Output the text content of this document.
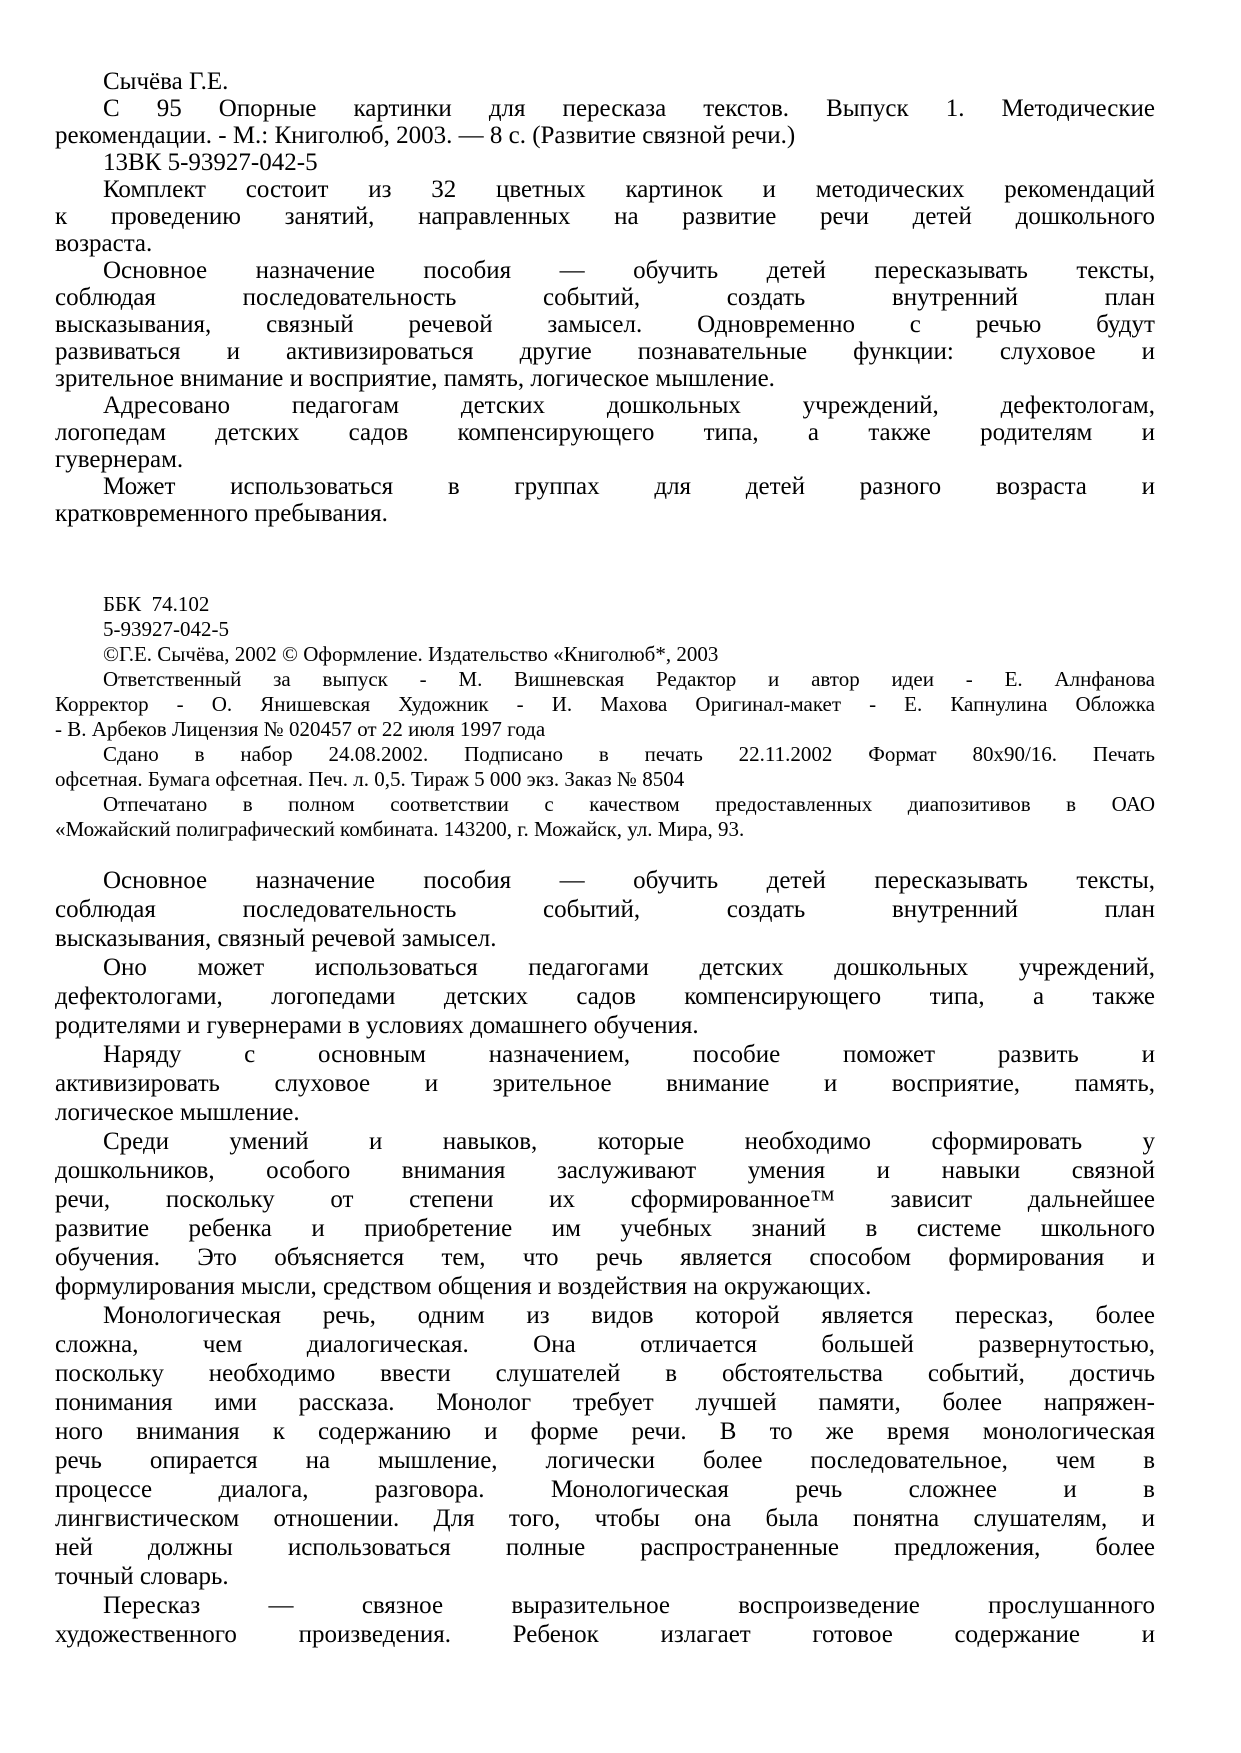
Сычёва Г.Е.
С 95 Опорные картинки для пересказа текстов. Выпуск 1. Методические
рекомендации. - М.: Книголюб, 2003. — 8 с. (Развитие связной речи.)
13ВК 5-93927-042-5
Комплект состоит из 32 цветных картинок и методических рекомендаций
к проведению занятий, направленных на развитие речи детей дошкольного
возраста.
Основное назначение пособия — обучить детей пересказывать тексты,
соблюдая последовательность событий, создать внутренний план
высказывания, связный речевой замысел. Одновременно с речью будут
развиваться и активизироваться другие познавательные функции: слуховое и
зрительное внимание и восприятие, память, логическое мышление.
Адресовано педагогам детских дошкольных учреждений, дефектологам,
логопедам детских садов компенсирующего типа, а также родителям и
гувернерам.
Может использоваться в группах для детей разного возраста и
кратковременного пребывания.
ББК  74.102
5-93927-042-5
©Г.Е. Сычёва, 2002 © Оформление. Издательство «Книголюб*, 2003
Ответственный за выпуск - М. Вишневская Редактор и автор идеи - Е. Алнфанова
Корректор - О. Янишевская Художник - И. Махова Оригинал-макет - Е. Капнулина Обложка
- В. Арбеков Лицензия № 020457 от 22 июля 1997 года
Сдано в набор 24.08.2002. Подписано в печать 22.11.2002 Формат 80х90/16. Печать
офсетная. Бумага офсетная. Печ. л. 0,5. Тираж 5 000 экз. Заказ № 8504
Отпечатано в полном соответствии с качеством предоставленных диапозитивов в ОАО
«Можайский полиграфический комбината. 143200, г. Можайск, ул. Мира, 93.
Основное назначение пособия — обучить детей пересказывать тексты,
соблюдая последовательность событий, создать внутренний план
высказывания, связный речевой замысел.
Оно может использоваться педагогами детских дошкольных учреждений,
дефектологами, логопедами детских садов компенсирующего типа, а также
родителями и гувернерами в условиях домашнего обучения.
Наряду с основным назначением, пособие поможет развить и
активизировать слуховое и зрительное внимание и восприятие, память,
логическое мышление.
Среди умений и навыков, которые необходимо сформировать у
дошкольников, особого внимания заслуживают умения и навыки связной
речи, поскольку от степени их сформированное™ зависит дальнейшее
развитие ребенка и приобретение им учебных знаний в системе школьного
обучения. Это объясняется тем, что речь является способом формирования и
формулирования мысли, средством общения и воздействия на окружающих.
Монологическая речь, одним из видов которой является пересказ, более
сложна, чем диалогическая. Она отличается большей развернутостью,
поскольку необходимо ввести слушателей в обстоятельства событий, достичь
понимания ими рассказа. Монолог требует лучшей памяти, более напряжен-
ного внимания к содержанию и форме речи. В то же время монологическая
речь опирается на мышление, логически более последовательное, чем в
процессе диалога, разговора. Монологическая речь сложнее и в
лингвистическом отношении. Для того, чтобы она была понятна слушателям, и
ней должны использоваться полные распространенные предложения, более
точный словарь.
Пересказ — связное выразительное воспроизведение прослушанного
художественного произведения. Ребенок излагает готовое содержание и
